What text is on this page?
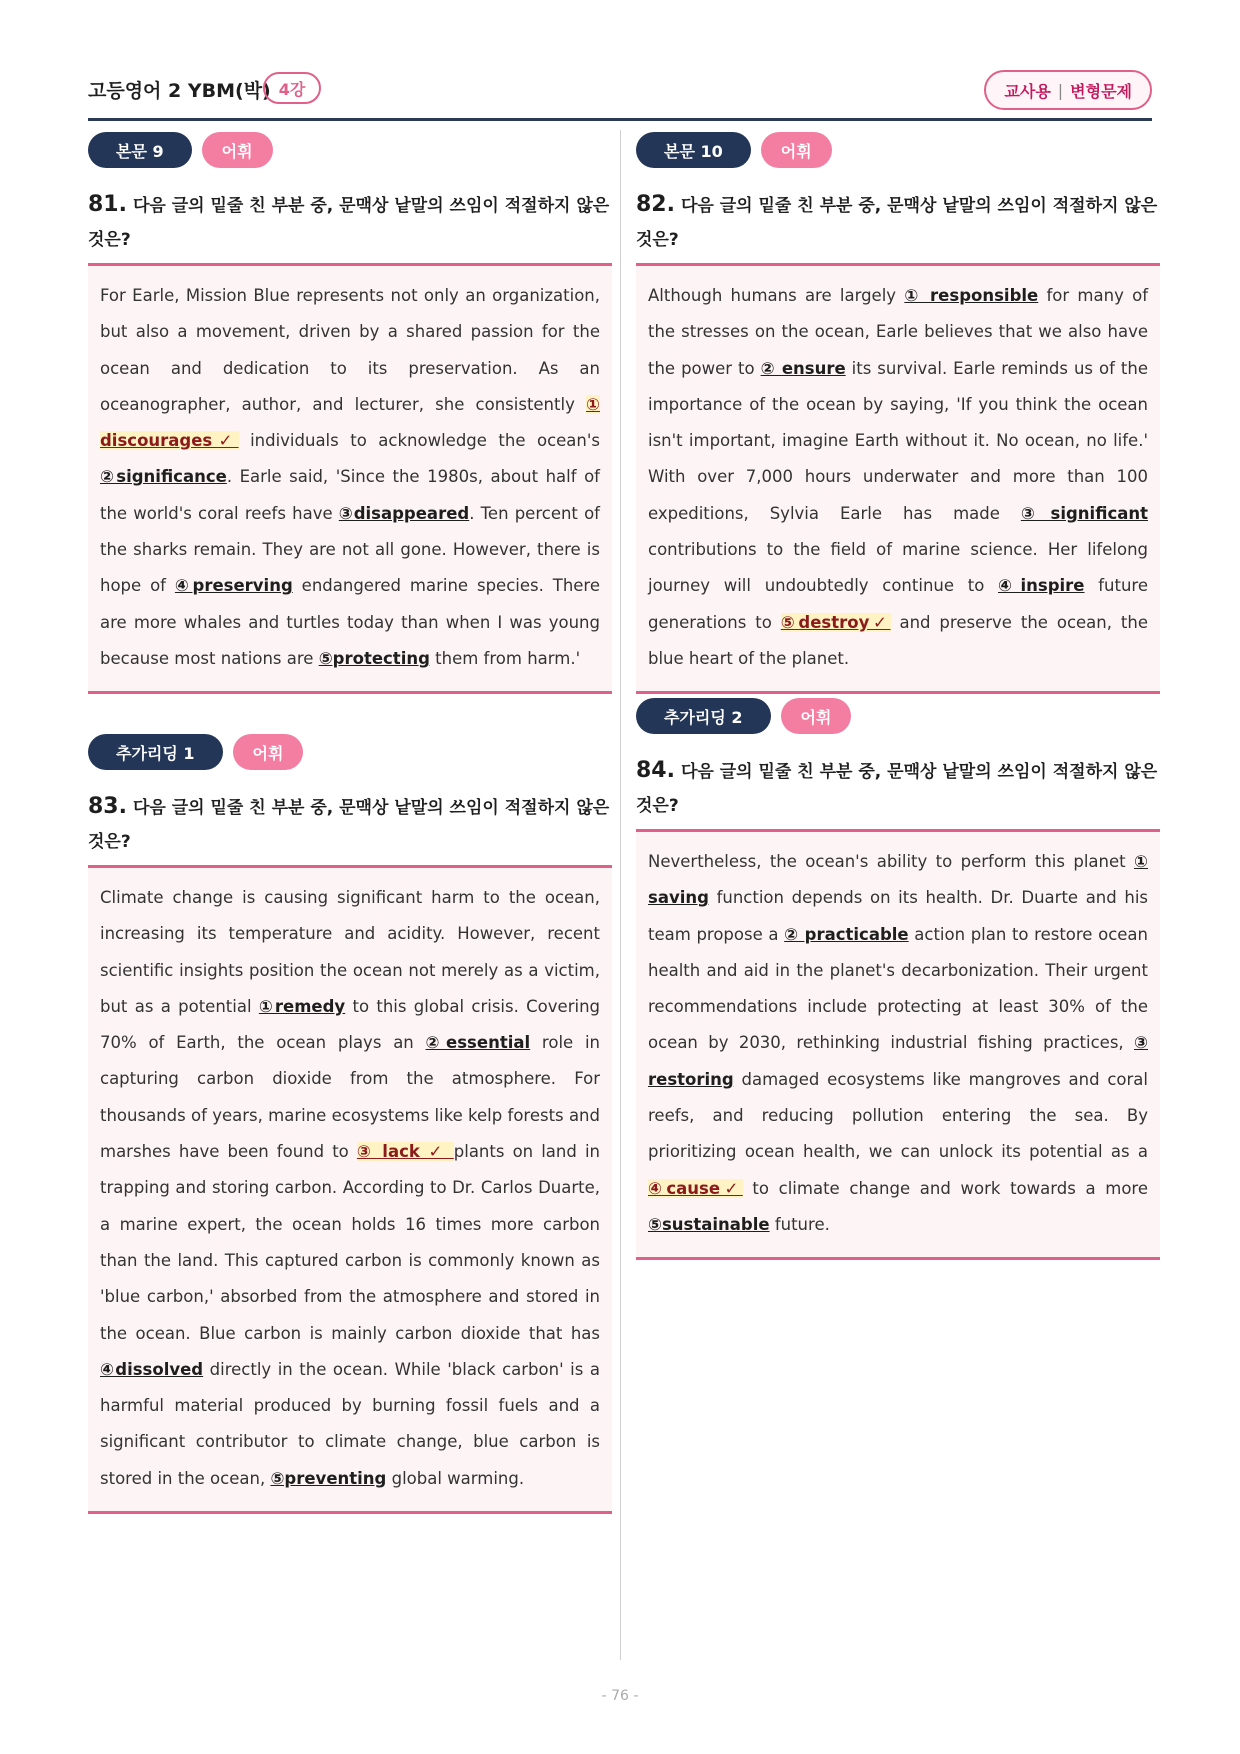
고등영어 2 YBM(박) 4강	교사용 | 변형문제
본문 9	어휘
81. 다음 글의 밑줄 친 부분 중, 문맥상 낱말의 쓰임이 적절하지 않은 것은?
For Earle, Mission Blue represents not only an organization, but also a movement, driven by a shared passion for the ocean and dedication to its preservation. As an oceanographer, author, and lecturer, she consistently ① discourages✓ individuals to acknowledge the ocean's ②significance. Earle said, 'Since the 1980s, about half of the world's coral reefs have ③disappeared. Ten percent of the sharks remain. They are not all gone. However, there is hope of ④preserving endangered marine species. There are more whales and turtles today than when I was young because most nations are ⑤protecting them from harm.'
본문 10	어휘
82. 다음 글의 밑줄 친 부분 중, 문맥상 낱말의 쓰임이 적절하지 않은 것은?
Although humans are largely ① responsible for many of the stresses on the ocean, Earle believes that we also have the power to ② ensure its survival. Earle reminds us of the importance of the ocean by saying, 'If you think the ocean isn't important, imagine Earth without it. No ocean, no life.' With over 7,000 hours underwater and more than 100 expeditions, Sylvia Earle has made ③significant contributions to the field of marine science. Her lifelong journey will undoubtedly continue to ④inspire future generations to ⑤destroy✓ and preserve the ocean, the blue heart of the planet.
추가리딩 1	어휘
83. 다음 글의 밑줄 친 부분 중, 문맥상 낱말의 쓰임이 적절하지 않은 것은?
Climate change is causing significant harm to the ocean, increasing its temperature and acidity. However, recent scientific insights position the ocean not merely as a victim, but as a potential ①remedy to this global crisis. Covering 70% of Earth, the ocean plays an ②essential role in capturing carbon dioxide from the atmosphere. For thousands of years, marine ecosystems like kelp forests and marshes have been found to ③ lack ✓ plants on land in trapping and storing carbon. According to Dr. Carlos Duarte, a marine expert, the ocean holds 16 times more carbon than the land. This captured carbon is commonly known as 'blue carbon,' absorbed from the atmosphere and stored in the ocean. Blue carbon is mainly carbon dioxide that has ④dissolved directly in the ocean. While 'black carbon' is a harmful material produced by burning fossil fuels and a significant contributor to climate change, blue carbon is stored in the ocean, ⑤preventing global warming.
추가리딩 2	어휘
84. 다음 글의 밑줄 친 부분 중, 문맥상 낱말의 쓰임이 적절하지 않은 것은?
Nevertheless, the ocean's ability to perform this planet ① saving function depends on its health. Dr. Duarte and his team propose a ② practicable action plan to restore ocean health and aid in the planet's decarbonization. Their urgent recommendations include protecting at least 30% of the ocean by 2030, rethinking industrial fishing practices, ③ restoring damaged ecosystems like mangroves and coral reefs, and reducing pollution entering the sea. By prioritizing ocean health, we can unlock its potential as a ④cause✓ to climate change and work towards a more ⑤sustainable future.
- 76 -
